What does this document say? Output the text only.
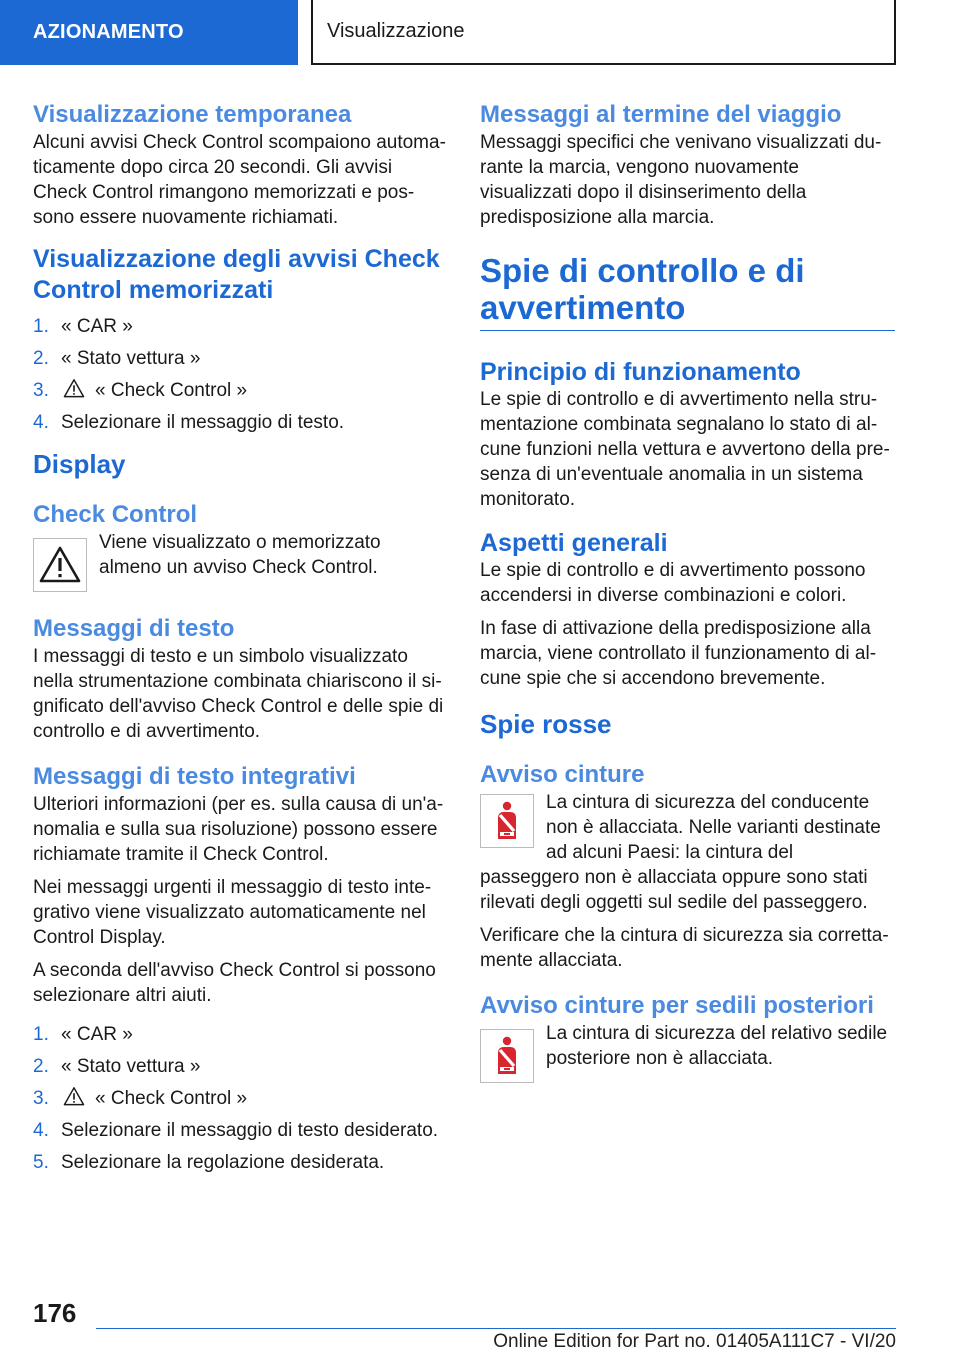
AZIONAMENTO	Visualizzazione
Visualizzazione temporanea

Alcuni avvisi Check Control scompaiono automaticamente dopo circa 20 secondi. Gli avvisi Check Control rimangono memorizzati e possono essere nuovamente richiamati.

Visualizzazione degli avvisi Check Control memorizzati
1. « CAR »
2. « Stato vettura »
3.	« Check Control »
4. Selezionare il messaggio di testo.
Display
Check Control

Viene visualizzato o memorizzato almeno un avviso Check Control.

Messaggi di testo

I messaggi di testo e un simbolo visualizzato nella strumentazione combinata chiariscono il significato dell'avviso Check Control e delle spie di controllo e di avvertimento.

Messaggi di testo integrativi

Ulteriori informazioni (per es. sulla causa di un'anomalia e sulla sua risoluzione) possono essere richiamate tramite il Check Control.

Nei messaggi urgenti il messaggio di testo integrativo viene visualizzato automaticamente nel Control Display.

A seconda dell'avviso Check Control si possono selezionare altri aiuti.

1. « CAR »
2. « Stato vettura »
3.	« Check Control »
4. Selezionare il messaggio di testo desiderato.
5. Selezionare la regolazione desiderata.
Messaggi al termine del viaggio

Messaggi specifici che venivano visualizzati durante la marcia, vengono nuovamente visualizzati dopo il disinserimento della predisposizione alla marcia.

Spie di controllo e di avvertimento
Principio di funzionamento

Le spie di controllo e di avvertimento nella strumentazione combinata segnalano lo stato di alcune funzioni nella vettura e avvertono della presenza di un'eventuale anomalia in un sistema monitorato.

Aspetti generali

Le spie di controllo e di avvertimento possono accendersi in diverse combinazioni e colori.

In fase di attivazione della predisposizione alla marcia, viene controllato il funzionamento di alcune spie che si accendono brevemente.

Spie rosse
Avviso cinture

La cintura di sicurezza del conducente non è allacciata. Nelle varianti destinate ad alcuni Paesi: la cintura del passeggero non è allacciata oppure sono stati rilevati degli oggetti sul sedile del passeggero.

Verificare che la cintura di sicurezza sia correttamente allacciata.

Avviso cinture per sedili posteriori

La cintura di sicurezza del relativo sedile posteriore non è allacciata.

176
Online Edition for Part no. 01405A111C7 - VI/20
